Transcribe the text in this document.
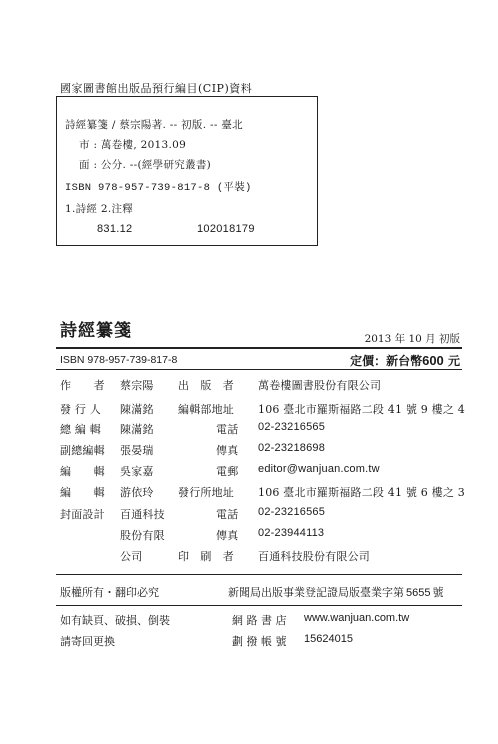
國家圖書館出版品預行編目(CIP)資料
詩經纂箋 / 蔡宗陽著. -- 初版. -- 臺北
市 : 萬卷樓, 2013.09
面 : 公分. --(經學研究叢書)
ISBN 978-957-739-817-8 (平裝)
1.詩經 2.注釋
831.12	102018179
詩經纂箋	2013 年 10 月 初版
ISBN 978-957-739-817-8	定價：新台幣600 元
作　　者 蔡宗陽 出　版　者 萬卷樓圖書股份有限公司
發 行 人 陳滿銘 編輯部地址 106 臺北市羅斯福路二段 41 號 9 樓之 4
總 編 輯 陳滿銘	電話 02-23216565
副總編輯 張晏瑞	傳真 02-23218698
編　　輯 吳家嘉	電郵 editor@wanjuan.com.tw
編　　輯 游依玲 發行所地址 106 臺北市羅斯福路二段 41 號 6 樓之 3
封面設計 百通科技	電話 02-23216565
股份有限	傳真 02-23944113
公司	印　刷　者 百通科技股份有限公司
版權所有・翻印必究	新聞局出版事業登記證局版臺業字第 5655 號
如有缺頁、破損、倒裝	網 路 書 店 www.wanjuan.com.tw
請寄回更換	劃 撥 帳 號 15624015
